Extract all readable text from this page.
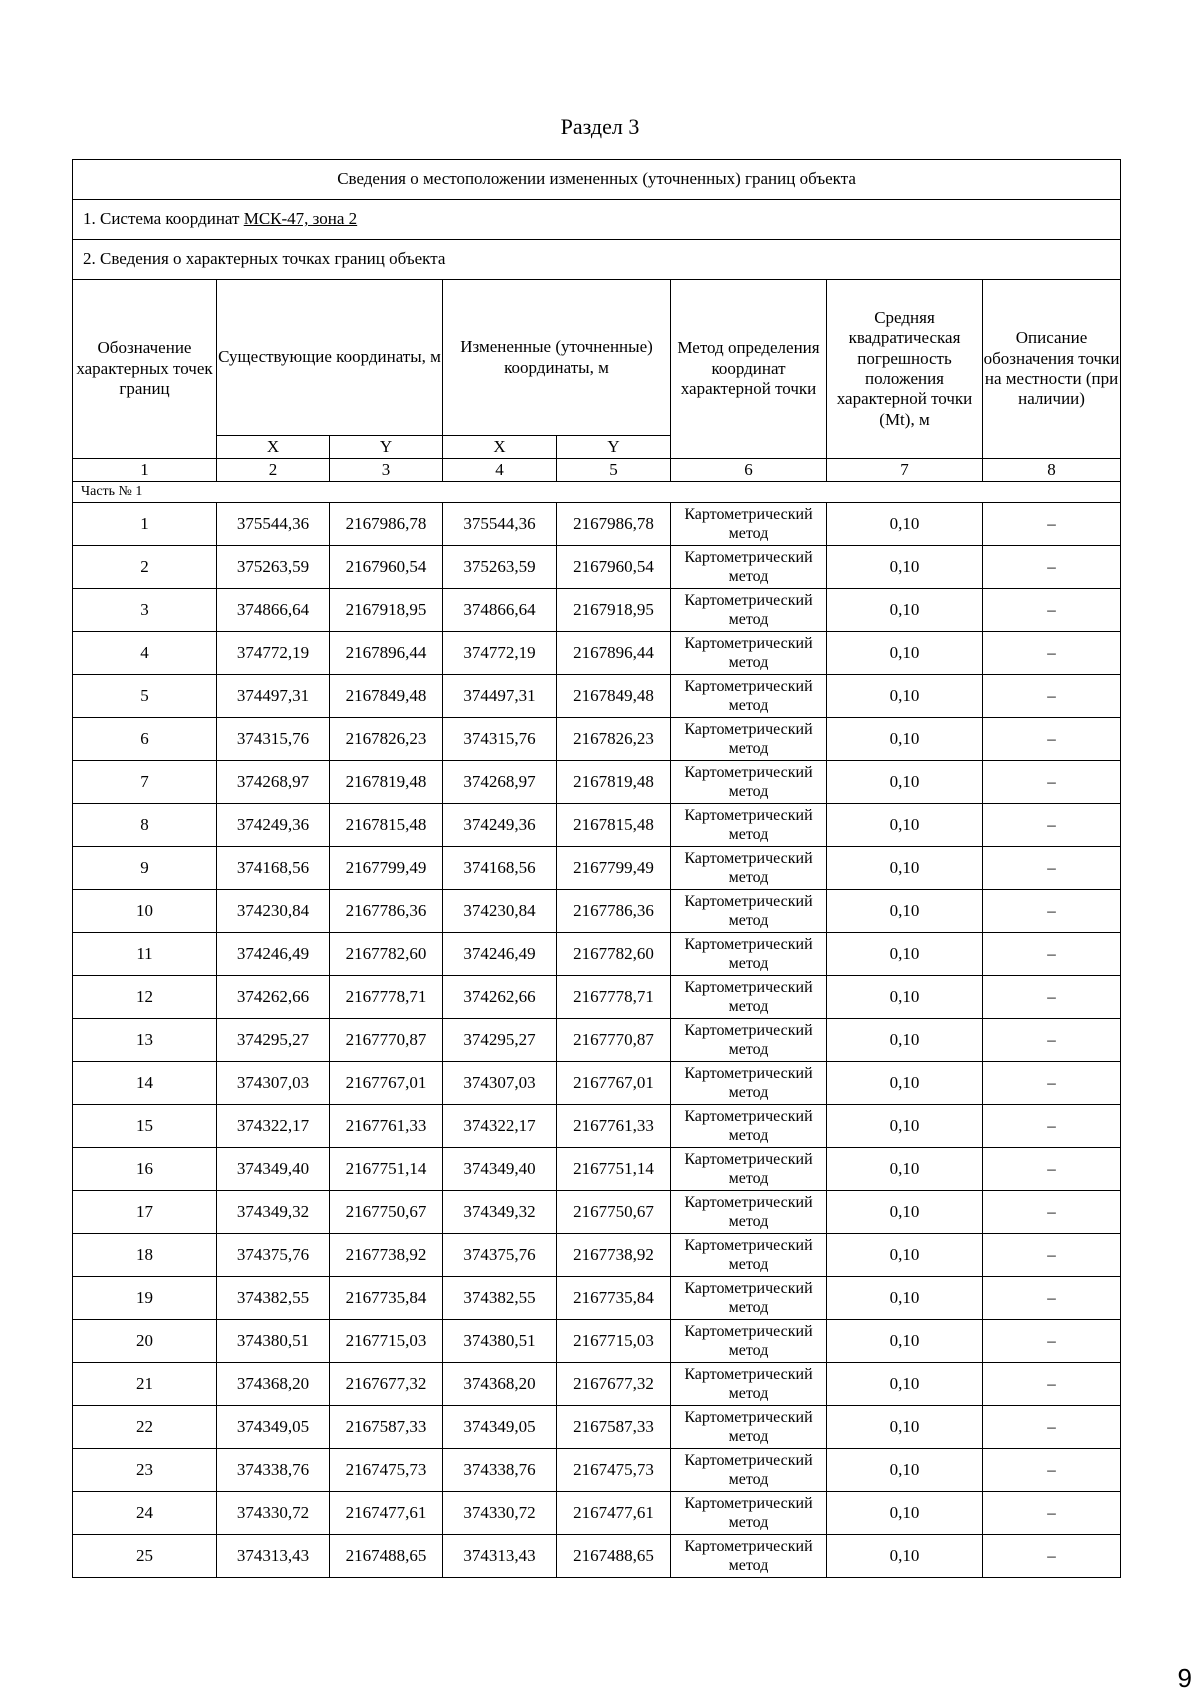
Раздел 3
Сведения о местоположении измененных (уточненных) границ объекта							
1. Система координат МСК-47, зона 2							
2. Сведения о характерных точках границ объекта							
Обозначение характерных точек границ	Существующие координаты, м		Измененные (уточненные) координаты, м		Метод определения координат характерной точки	Средняя квадратическая погрешность положения характерной точки (Mt), м	Описание обозначения точки на местности (при наличии)
	X	Y	X	Y			
1	2	3	4	5	6	7	8
Часть № 1							
1	375544,36	2167986,78	375544,36	2167986,78	Картометрический метод	0,10	–
2	375263,59	2167960,54	375263,59	2167960,54	Картометрический метод	0,10	–
3	374866,64	2167918,95	374866,64	2167918,95	Картометрический метод	0,10	–
4	374772,19	2167896,44	374772,19	2167896,44	Картометрический метод	0,10	–
5	374497,31	2167849,48	374497,31	2167849,48	Картометрический метод	0,10	–
6	374315,76	2167826,23	374315,76	2167826,23	Картометрический метод	0,10	–
7	374268,97	2167819,48	374268,97	2167819,48	Картометрический метод	0,10	–
8	374249,36	2167815,48	374249,36	2167815,48	Картометрический метод	0,10	–
9	374168,56	2167799,49	374168,56	2167799,49	Картометрический метод	0,10	–
10	374230,84	2167786,36	374230,84	2167786,36	Картометрический метод	0,10	–
11	374246,49	2167782,60	374246,49	2167782,60	Картометрический метод	0,10	–
12	374262,66	2167778,71	374262,66	2167778,71	Картометрический метод	0,10	–
13	374295,27	2167770,87	374295,27	2167770,87	Картометрический метод	0,10	–
14	374307,03	2167767,01	374307,03	2167767,01	Картометрический метод	0,10	–
15	374322,17	2167761,33	374322,17	2167761,33	Картометрический метод	0,10	–
16	374349,40	2167751,14	374349,40	2167751,14	Картометрический метод	0,10	–
17	374349,32	2167750,67	374349,32	2167750,67	Картометрический метод	0,10	–
18	374375,76	2167738,92	374375,76	2167738,92	Картометрический метод	0,10	–
19	374382,55	2167735,84	374382,55	2167735,84	Картометрический метод	0,10	–
20	374380,51	2167715,03	374380,51	2167715,03	Картометрический метод	0,10	–
21	374368,20	2167677,32	374368,20	2167677,32	Картометрический метод	0,10	–
22	374349,05	2167587,33	374349,05	2167587,33	Картометрический метод	0,10	–
23	374338,76	2167475,73	374338,76	2167475,73	Картометрический метод	0,10	–
24	374330,72	2167477,61	374330,72	2167477,61	Картометрический метод	0,10	–
25	374313,43	2167488,65	374313,43	2167488,65	Картометрический метод	0,10	–
9
